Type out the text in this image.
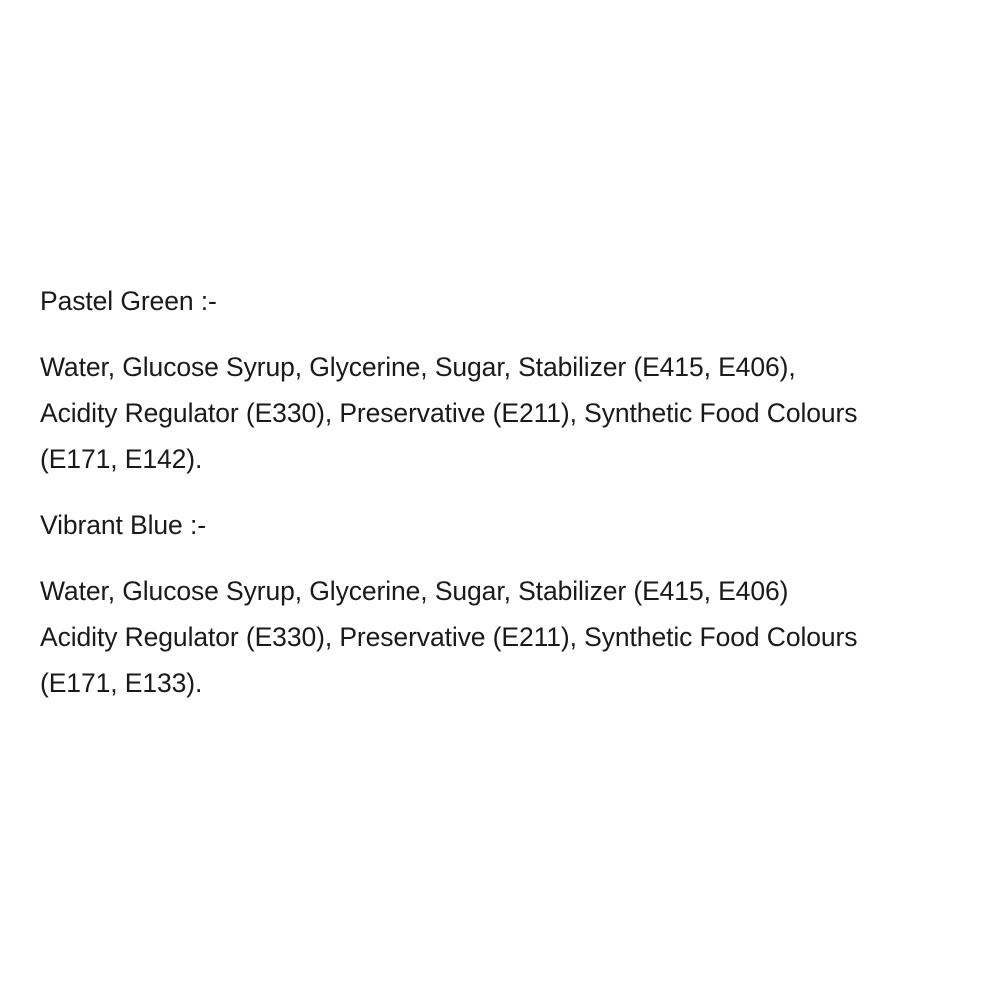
Pastel Green :-
Water, Glucose Syrup, Glycerine, Sugar, Stabilizer (E415, E406),
Acidity Regulator (E330), Preservative (E211), Synthetic Food Colours
(E171, E142).
Vibrant Blue :-
Water, Glucose Syrup, Glycerine, Sugar, Stabilizer (E415, E406)
Acidity Regulator (E330), Preservative (E211), Synthetic Food Colours
(E171, E133).
